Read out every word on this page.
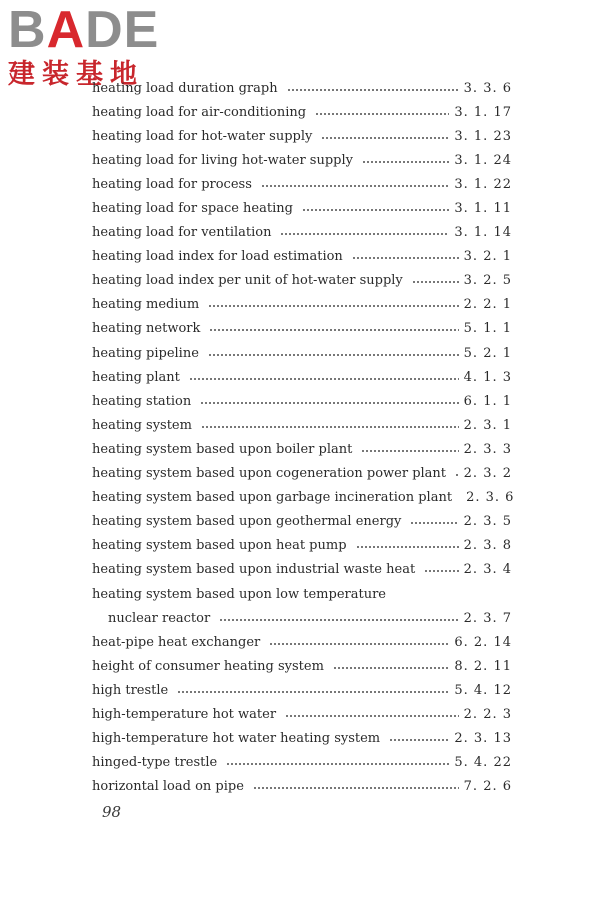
B A DE
建装基地
heating load duration graph	3. 3. 6
heating load for air-conditioning	3. 1. 17
heating load for hot-water supply	3. 1. 23
heating load for living hot-water supply	3. 1. 24
heating load for process	3. 1. 22
heating load for space heating	3. 1. 11
heating load for ventilation	3. 1. 14
heating load index for load estimation	3. 2. 1
heating load index per unit of hot-water supply	3. 2. 5
heating medium	2. 2. 1
heating network	5. 1. 1
heating pipeline	5. 2. 1
heating plant	4. 1. 3
heating station	6. 1. 1
heating system	2. 3. 1
heating system based upon boiler plant	2. 3. 3
heating system based upon cogeneration power plant	2. 3. 2
heating system based upon garbage incineration plant	2. 3. 6
heating system based upon geothermal energy	2. 3. 5
heating system based upon heat pump	2. 3. 8
heating system based upon industrial waste heat	2. 3. 4
heating system based upon low temperature
nuclear reactor	2. 3. 7
heat-pipe heat exchanger	6. 2. 14
height of consumer heating system	8. 2. 11
high trestle	5. 4. 12
high-temperature hot water	2. 2. 3
high-temperature hot water heating system	2. 3. 13
hinged-type trestle	5. 4. 22
horizontal load on pipe	7. 2. 6
98
